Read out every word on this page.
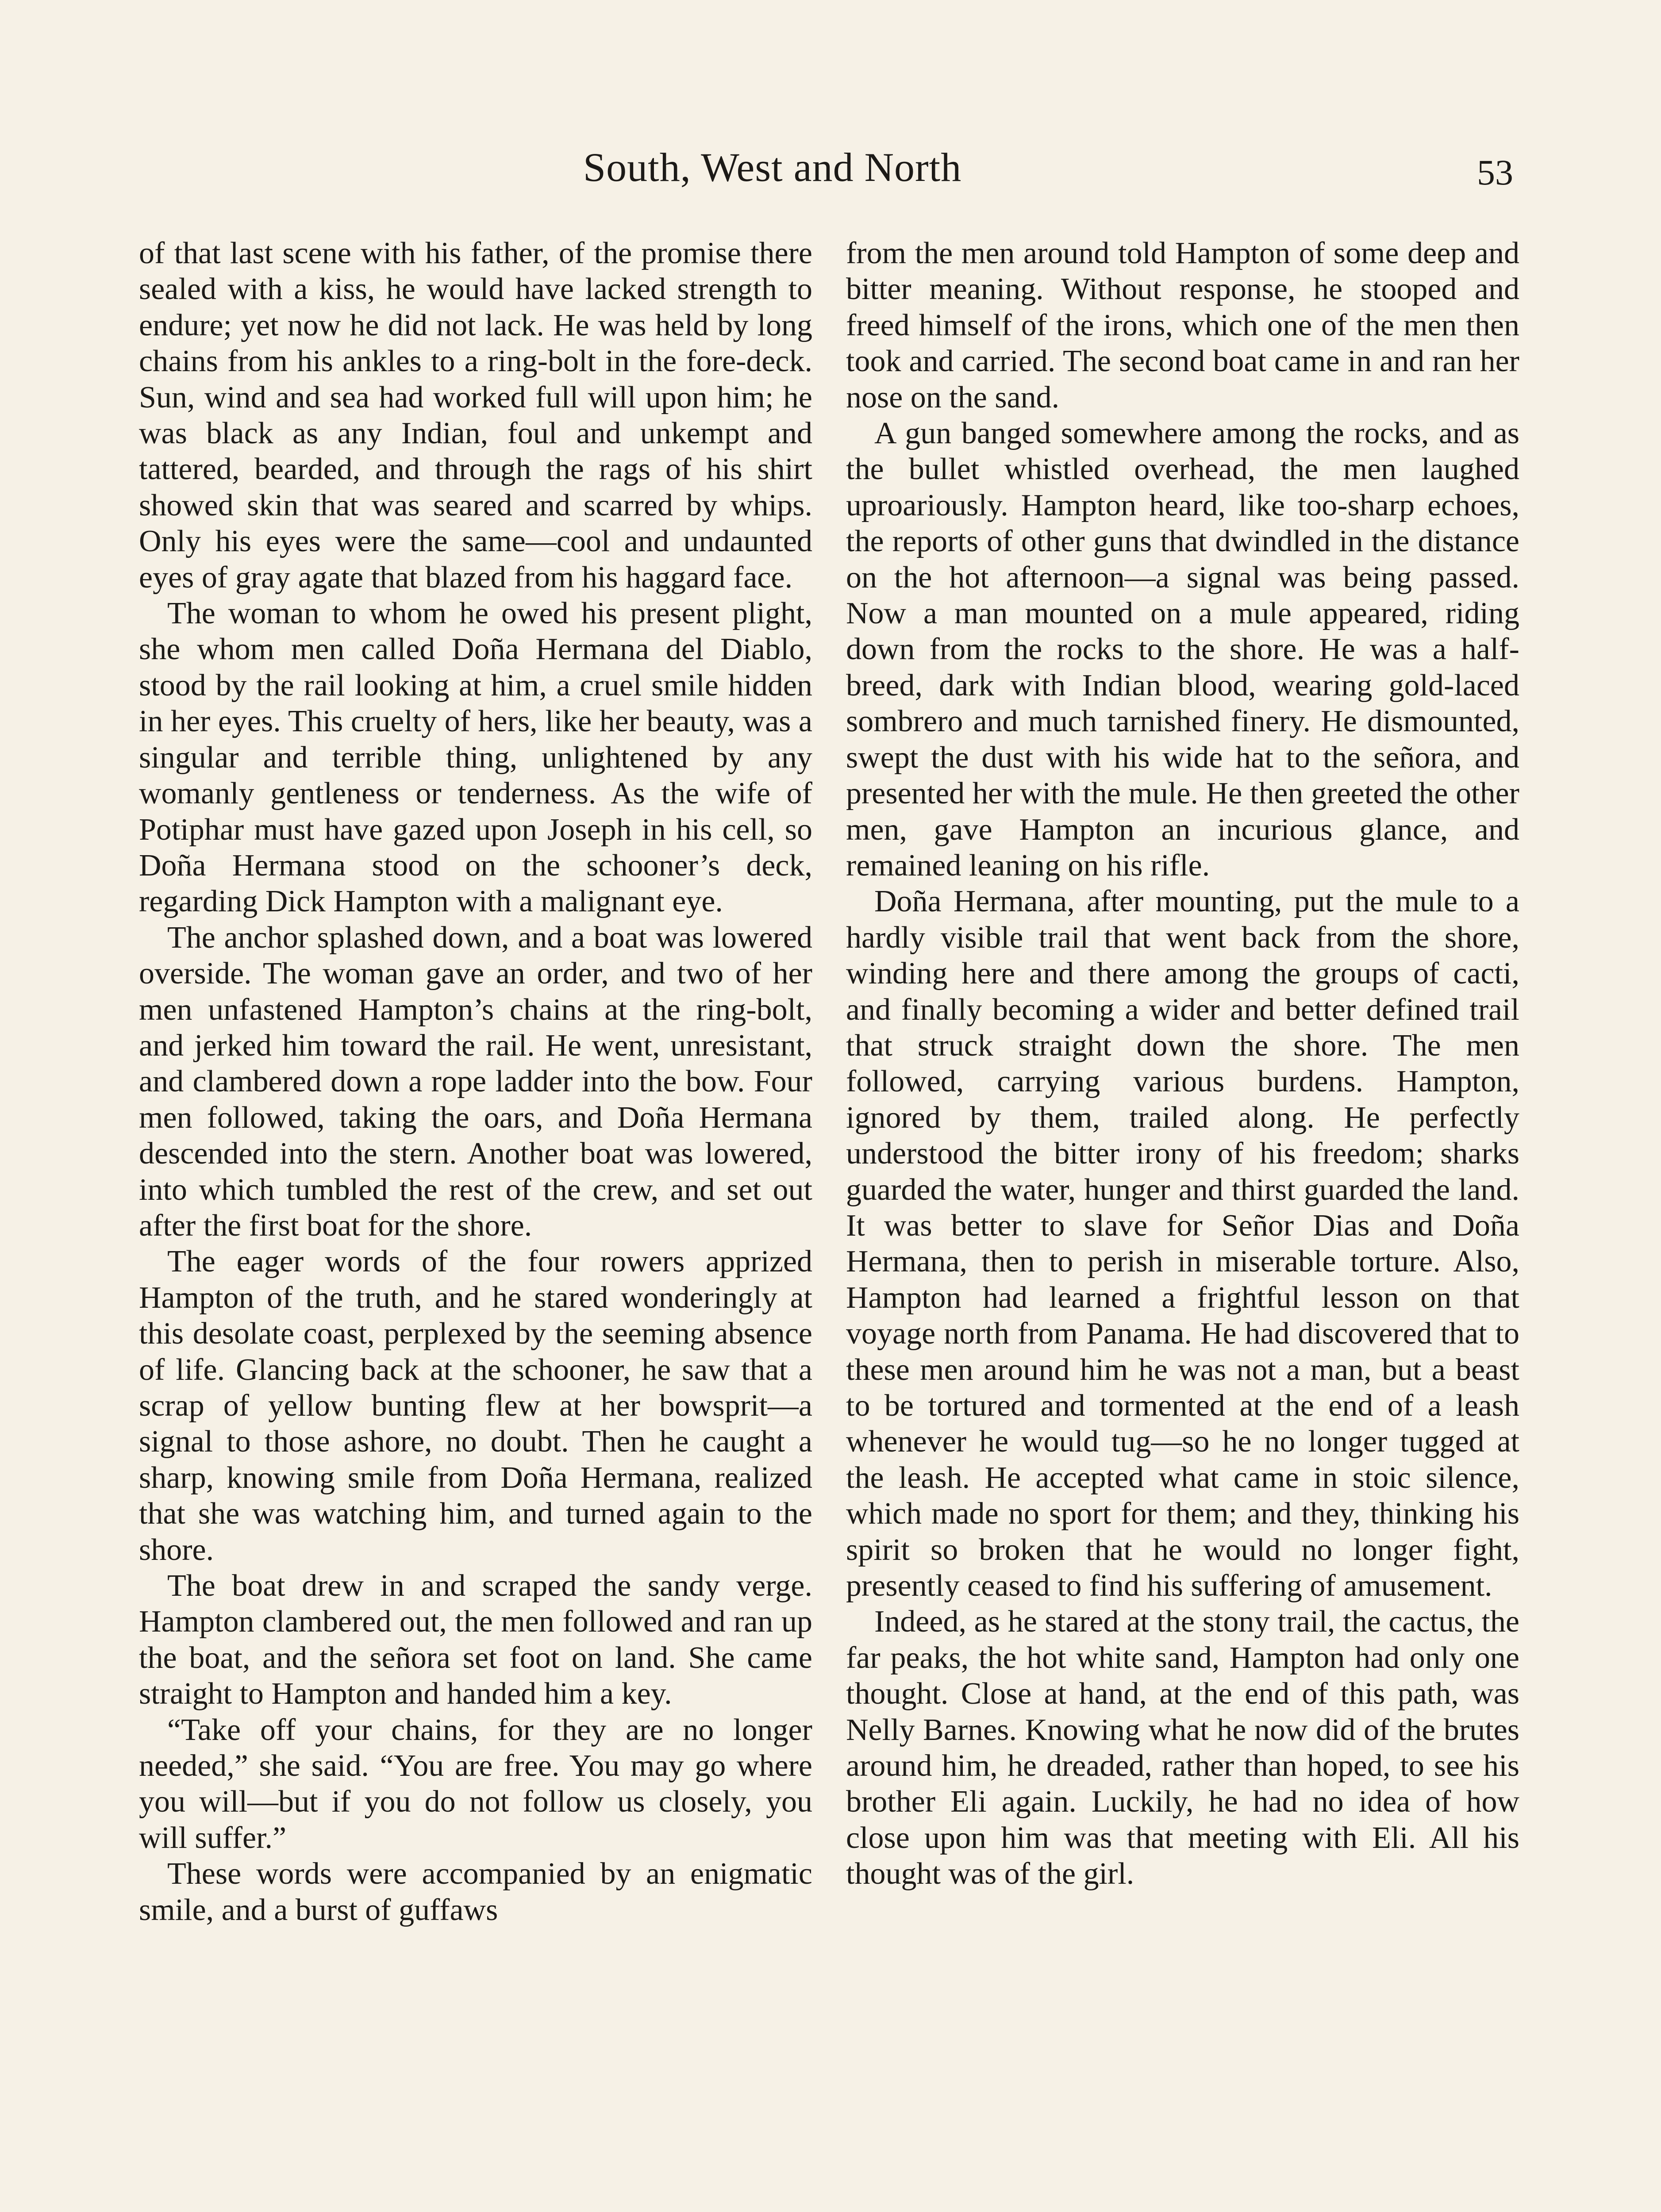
South, West and North	53

of that last scene with his father, of the promise there sealed with a kiss, he would have lacked strength to endure; yet now he did not lack. He was held by long chains from his ankles to a ring-bolt in the fore-deck. Sun, wind and sea had worked full will upon him; he was black as any Indian, foul and unkempt and tattered, bearded, and through the rags of his shirt showed skin that was seared and scarred by whips. Only his eyes were the same—cool and undaunted eyes of gray agate that blazed from his haggard face.

The woman to whom he owed his present plight, she whom men called Doña Hermana del Diablo, stood by the rail looking at him, a cruel smile hidden in her eyes. This cruelty of hers, like her beauty, was a singular and terrible thing, unlightened by any womanly gentleness or tenderness. As the wife of Potiphar must have gazed upon Joseph in his cell, so Doña Hermana stood on the schooner’s deck, regarding Dick Hampton with a malignant eye.

The anchor splashed down, and a boat was lowered overside. The woman gave an order, and two of her men unfastened Hampton’s chains at the ring-bolt, and jerked him toward the rail. He went, unresistant, and clambered down a rope ladder into the bow. Four men followed, taking the oars, and Doña Hermana descended into the stern. Another boat was lowered, into which tumbled the rest of the crew, and set out after the first boat for the shore.

The eager words of the four rowers apprized Hampton of the truth, and he stared wonderingly at this desolate coast, perplexed by the seeming absence of life. Glancing back at the schooner, he saw that a scrap of yellow bunting flew at her bowsprit—a signal to those ashore, no doubt. Then he caught a sharp, knowing smile from Doña Hermana, realized that she was watching him, and turned again to the shore.

The boat drew in and scraped the sandy verge. Hampton clambered out, the men followed and ran up the boat, and the señora set foot on land. She came straight to Hampton and handed him a key.

“Take off your chains, for they are no longer needed,” she said. “You are free. You may go where you will—but if you do not follow us closely, you will suffer.”

These words were accompanied by an enigmatic smile, and a burst of guffaws

from the men around told Hampton of some deep and bitter meaning. Without response, he stooped and freed himself of the irons, which one of the men then took and carried. The second boat came in and ran her nose on the sand.

A gun banged somewhere among the rocks, and as the bullet whistled overhead, the men laughed uproariously. Hampton heard, like too-sharp echoes, the reports of other guns that dwindled in the distance on the hot afternoon—a signal was being passed. Now a man mounted on a mule appeared, riding down from the rocks to the shore. He was a half-breed, dark with Indian blood, wearing gold-laced sombrero and much tarnished finery. He dismounted, swept the dust with his wide hat to the señora, and presented her with the mule. He then greeted the other men, gave Hampton an incurious glance, and remained leaning on his rifle.

Doña Hermana, after mounting, put the mule to a hardly visible trail that went back from the shore, winding here and there among the groups of cacti, and finally becoming a wider and better defined trail that struck straight down the shore. The men followed, carrying various burdens. Hampton, ignored by them, trailed along. He perfectly understood the bitter irony of his freedom; sharks guarded the water, hunger and thirst guarded the land. It was better to slave for Señor Dias and Doña Hermana, then to perish in miserable torture. Also, Hampton had learned a frightful lesson on that voyage north from Panama. He had discovered that to these men around him he was not a man, but a beast to be tortured and tormented at the end of a leash whenever he would tug—so he no longer tugged at the leash. He accepted what came in stoic silence, which made no sport for them; and they, thinking his spirit so broken that he would no longer fight, presently ceased to find his suffering of amusement.

Indeed, as he stared at the stony trail, the cactus, the far peaks, the hot white sand, Hampton had only one thought. Close at hand, at the end of this path, was Nelly Barnes. Knowing what he now did of the brutes around him, he dreaded, rather than hoped, to see his brother Eli again. Luckily, he had no idea of how close upon him was that meeting with Eli. All his thought was of the girl.
